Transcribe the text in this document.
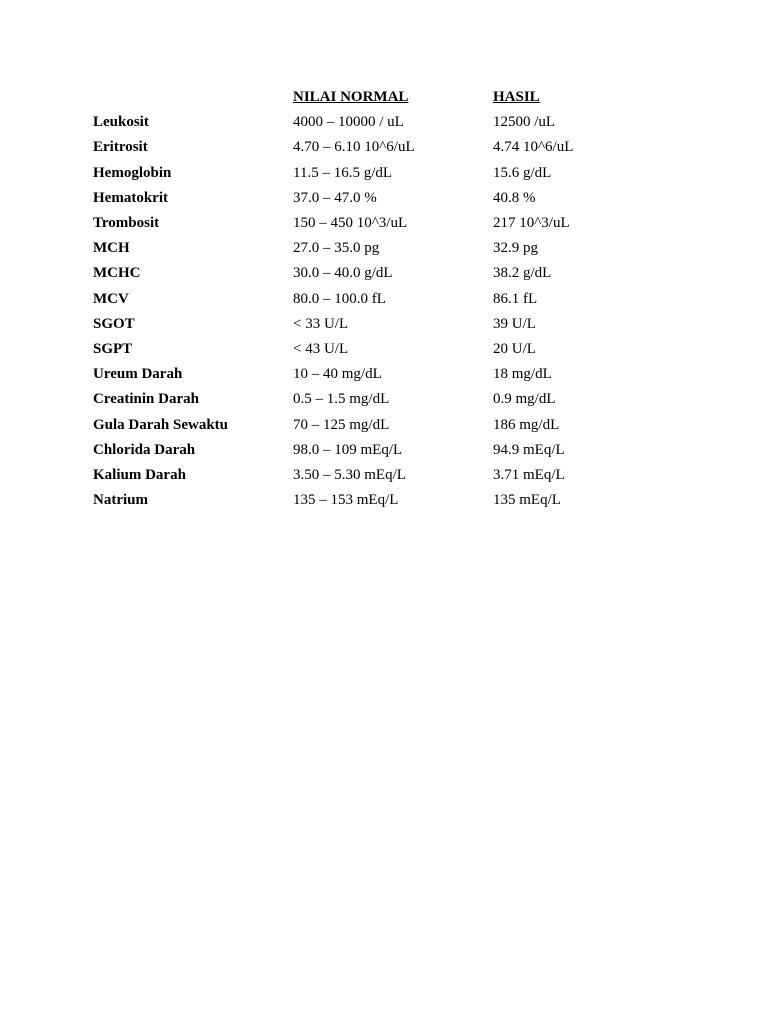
	NILAI NORMAL	HASIL
Leukosit	4000 – 10000 / uL	12500 /uL
Eritrosit	4.70 – 6.10 10^6/uL	4.74 10^6/uL
Hemoglobin	11.5 – 16.5 g/dL	15.6 g/dL
Hematokrit	37.0 – 47.0 %	40.8 %
Trombosit	150 – 450 10^3/uL	217 10^3/uL
MCH	27.0 – 35.0 pg	32.9 pg
MCHC	30.0 – 40.0 g/dL	38.2 g/dL
MCV	80.0 – 100.0 fL	86.1 fL
SGOT	< 33 U/L	39 U/L
SGPT	< 43 U/L	20 U/L
Ureum Darah	10 – 40 mg/dL	18 mg/dL
Creatinin Darah	0.5 – 1.5 mg/dL	0.9 mg/dL
Gula Darah Sewaktu	70 – 125 mg/dL	186 mg/dL
Chlorida Darah	98.0 – 109 mEq/L	94.9 mEq/L
Kalium Darah	3.50 – 5.30 mEq/L	3.71 mEq/L
Natrium	135 – 153 mEq/L	135 mEq/L
